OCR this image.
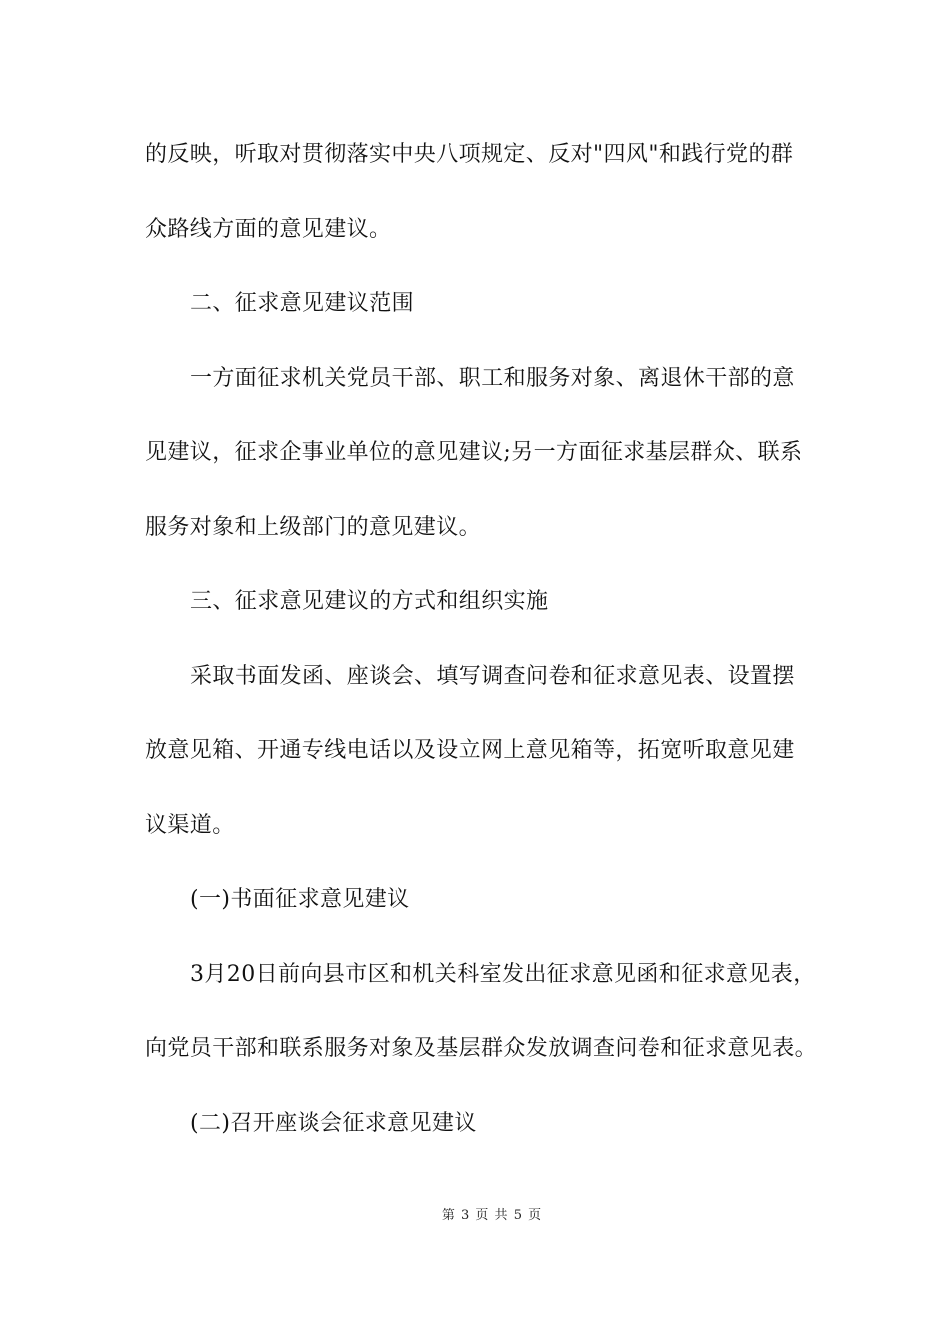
的反映，听取对贯彻落实中央八项规定、反对"四风"和践行党的群
众路线方面的意见建议。
二、征求意见建议范围
一方面征求机关党员干部、职工和服务对象、离退休干部的意
见建议，征求企事业单位的意见建议;另一方面征求基层群众、联系
服务对象和上级部门的意见建议。
三、征求意见建议的方式和组织实施
采取书面发函、座谈会、填写调查问卷和征求意见表、设置摆
放意见箱、开通专线电话以及设立网上意见箱等，拓宽听取意见建
议渠道。
(一)书面征求意见建议
3月20日前向县市区和机关科室发出征求意见函和征求意见表，
向党员干部和联系服务对象及基层群众发放调查问卷和征求意见表。
(二)召开座谈会征求意见建议
第 3 页 共 5 页
